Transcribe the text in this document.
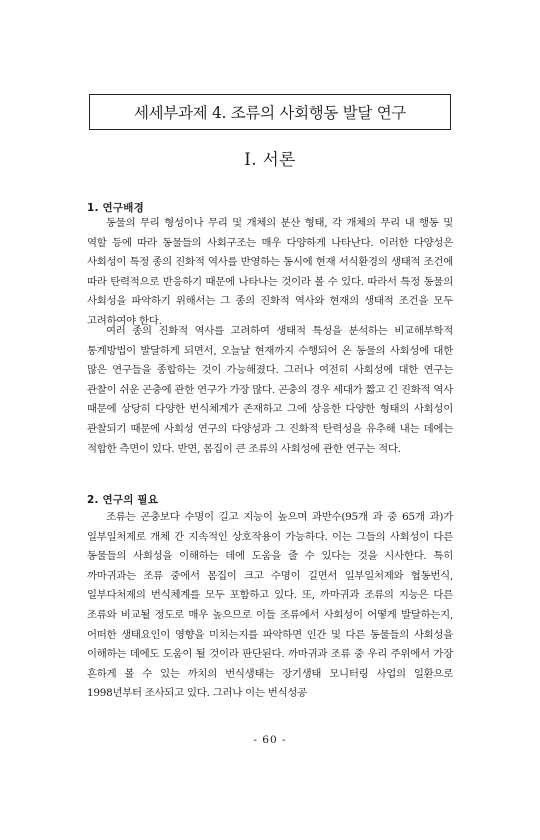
세세부과제 4. 조류의 사회행동 발달 연구
Ⅰ. 서론
1. 연구배경

동물의 무리 형성이나 무리 및 개체의 분산 형태, 각 개체의 무리 내 행동 및 역할 등에 따라 동물들의 사회구조는 매우 다양하게 나타난다. 이러한 다양성은 사회성이 특정 종의 진화적 역사를 반영하는 동시에 현재 서식환경의 생태적 조건에 따라 탄력적으로 반응하기 때문에 나타나는 것이라 볼 수 있다. 따라서 특정 동물의 사회성을 파악하기 위해서는 그 종의 진화적 역사와 현재의 생태적 조건을 모두 고려하여야 한다.

여러 종의 진화적 역사를 고려하여 생태적 특성을 분석하는 비교해부학적 통계방법이 발달하게 되면서, 오늘날 현재까지 수행되어 온 동물의 사회성에 대한 많은 연구들을 종합하는 것이 가능해졌다. 그러나 여전히 사회성에 대한 연구는 관찰이 쉬운 곤충에 관한 연구가 가장 많다. 곤충의 경우 세대가 짧고 긴 진화적 역사 때문에 상당히 다양한 번식체계가 존재하고 그에 상응한 다양한 형태의 사회성이 관찰되기 때문에 사회성 연구의 다양성과 그 진화적 탄력성을 유추해 내는 데에는 적합한 측면이 있다. 반면, 몸집이 큰 조류의 사회성에 관한 연구는 적다.

2. 연구의 필요

조류는 곤충보다 수명이 길고 지능이 높으며 과반수(95개 과 중 65개 과)가 일부일처제로 개체 간 지속적인 상호작용이 가능하다. 이는 그들의 사회성이 다른 동물들의 사회성을 이해하는 데에 도움을 줄 수 있다는 것을 시사한다. 특히 까마귀과는 조류 중에서 몸집이 크고 수명이 길면서 일부일처제와 협동번식, 일부다처제의 번식체계를 모두 포함하고 있다. 또, 까마귀과 조류의 지능은 다른 조류와 비교될 정도로 매우 높으므로 이들 조류에서 사회성이 어떻게 발달하는지, 어떠한 생태요인이 영향을 미치는지를 파악하면 인간 및 다른 동물들의 사회성을 이해하는 데에도 도움이 될 것이라 판단된다. 까마귀과 조류 중 우리 주위에서 가장 흔하게 볼 수 있는 까치의 번식생태는 장기생태 모니터링 사업의 일환으로 1998년부터 조사되고 있다. 그러나 이는 번식성공

- 60 -
